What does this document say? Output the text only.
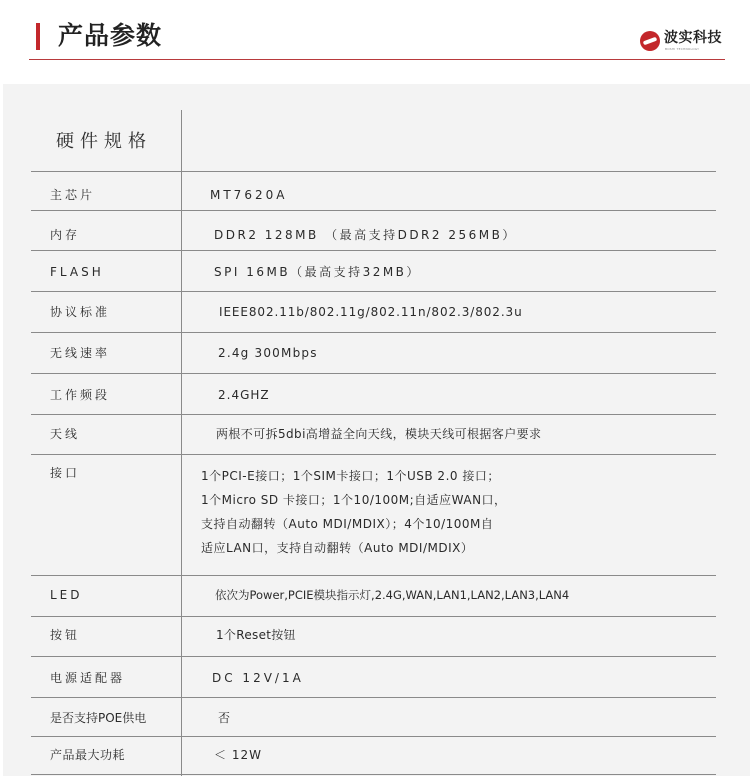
产品参数	波实科技
BOSHI TECHNOLOGY
硬件规格
主芯片	MT7620A
内存	DDR2 128MB （最高支持DDR2 256MB）
FLASH	SPI 16MB（最高支持32MB）
协议标准	IEEE802.11b/802.11g/802.11n/802.3/802.3u
无线速率	2.4g 300Mbps
工作频段	2.4GHZ
天线	两根不可拆5dbi高增益全向天线，模块天线可根据客户要求
接口	1个PCI-E接口；1个SIM卡接口；1个USB 2.0 接口；
1个Micro SD 卡接口；1个10/100M;自适应WAN口，
支持自动翻转（Auto MDI/MDIX）；4个10/100M自
适应LAN口，支持自动翻转（Auto MDI/MDIX）
LED	依次为Power,PCIE模块指示灯,2.4G,WAN,LAN1,LAN2,LAN3,LAN4
按钮	1个Reset按钮
电源适配器	DC 12V/1A
是否支持POE供电	否
产品最大功耗	＜ 12W
